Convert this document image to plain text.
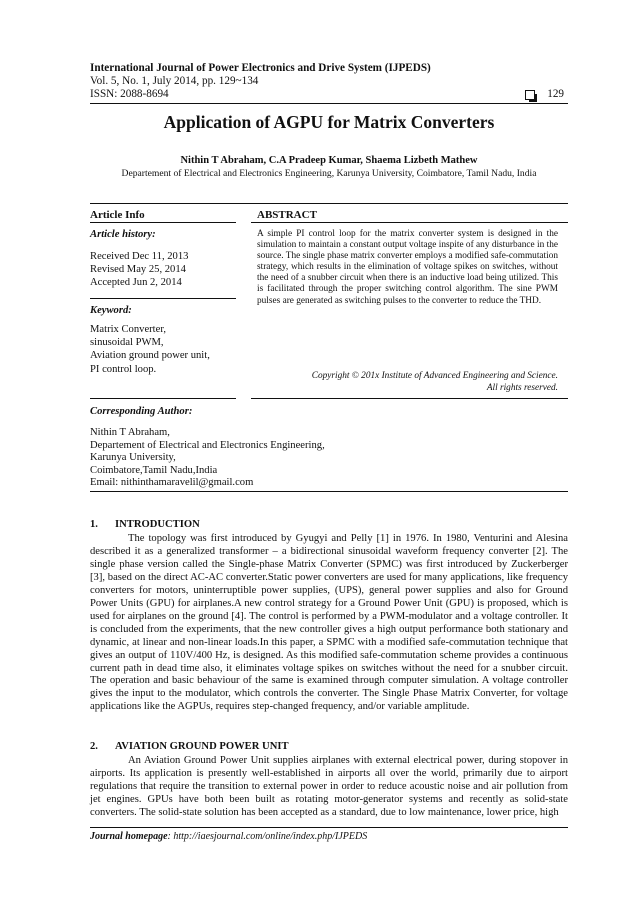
International Journal of Power Electronics and Drive System (IJPEDS)
Vol. 5, No. 1, July 2014, pp. 129~134
ISSN: 2088-8694	129
Application of AGPU for Matrix Converters
Nithin T Abraham, C.A Pradeep Kumar, Shaema Lizbeth Mathew
Departement of Electrical and Electronics Engineering, Karunya University, Coimbatore, Tamil Nadu, India
Article Info	ABSTRACT
Article history:
Received Dec 11, 2013
Revised May 25, 2014
Accepted Jun 2, 2014
Keyword:
Matrix Converter,
sinusoidal PWM,
Aviation ground power unit,
PI control loop.
A simple PI control loop for the matrix converter system is designed in the simulation to maintain a constant output voltage inspite of any disturbance in the source. The single phase matrix converter employs a modified safe-commutation strategy, which results in the elimination of voltage spikes on switches, without the need of a snubber circuit when there is an inductive load being utilized. This is facilitated through the proper switching control algorithm. The sine PWM pulses are generated as switching pulses to the converter to reduce the THD.
Copyright © 201x Institute of Advanced Engineering and Science.
All rights reserved.
Corresponding Author:
Nithin T Abraham,
Departement of Electrical and Electronics Engineering,
Karunya University,
Coimbatore,Tamil Nadu,India
Email: nithinthamaravelil@gmail.com
1. INTRODUCTION
The topology was first introduced by Gyugyi and Pelly [1] in 1976. In 1980, Venturini and Alesina described it as a generalized transformer – a bidirectional sinusoidal waveform frequency converter [2]. The single phase version called the Single-phase Matrix Converter (SPMC) was first introduced by Zuckerberger [3], based on the direct AC-AC converter.Static power converters are used for many applications, like frequency converters for motors, uninterruptible power supplies, (UPS), general power supplies and also for Ground Power Units (GPU) for airplanes.A new control strategy for a Ground Power Unit (GPU) is proposed, which is used for airplanes on the ground [4]. The control is performed by a PWM-modulator and a voltage controller. It is concluded from the experiments, that the new controller gives a high output performance both stationary and dynamic, at linear and non-linear loads.In this paper, a SPMC with a modified safe-commutation technique that gives an output of 110V/400 Hz, is designed. As this modified safe-commutation scheme provides a continuous current path in dead time also, it eliminates voltage spikes on switches without the need for a snubber circuit. The operation and basic behaviour of the same is examined through computer simulation. A voltage controller gives the input to the modulator, which controls the converter. The Single Phase Matrix Converter, for voltage applications like the AGPUs, requires step-changed frequency, and/or variable amplitude.
2. AVIATION GROUND POWER UNIT
An Aviation Ground Power Unit supplies airplanes with external electrical power, during stopover in airports. Its application is presently well-established in airports all over the world, primarily due to airport regulations that require the transition to external power in order to reduce acoustic noise and air pollution from jet engines. GPUs have both been built as rotating motor-generator systems and recently as solid-state converters. The solid-state solution has been accepted as a standard, due to low maintenance, lower price, high
Journal homepage: http://iaesjournal.com/online/index.php/IJPEDS
